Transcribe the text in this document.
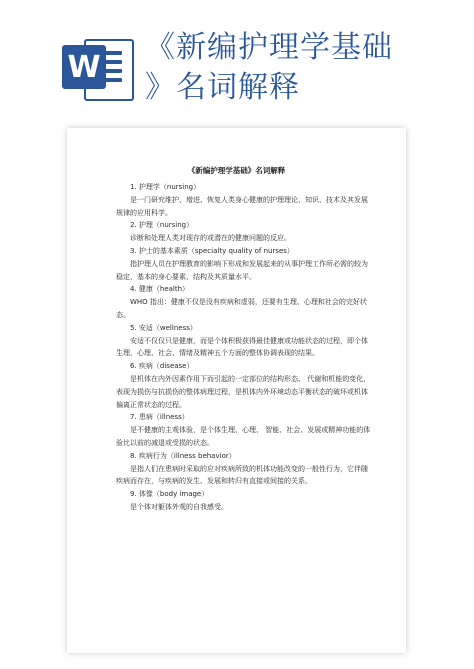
W
《新编护理学基础
》名词解释
《新编护理学基础》名词解释

1. 护理学（nursing）

是一门研究维护、增进、恢复人类身心健康的护理理论、知识、技术及其发展规律的应用科学。

2. 护理（nursing）

诊断和处理人类对现存的或潜在的健康问题的反应。

3. 护士的基本素质（specialty quality of nurses）

指护理人员在护理教育的影响下形成和发展起来的从事护理工作所必需的较为稳定、基本的身心要素、结构及其质量水平。

4. 健康（health）

WHO 指出：健康不仅是没有疾病和虚弱，还要有生理、心理和社会的完好状态。

5. 安适（wellness）

安适不仅仅只是健康，而是个体积极获得最佳健康或功能状态的过程，即个体生理、心理、社会、情绪及精神五个方面的整体协调表现的结果。

6. 疾病（disease）

是机体在内外因素作用下而引起的一定部位的结构形态、 代谢和机能的变化，表现为损伤与抗损伤的整体病理过程，是机体内外环境动态平衡状态的破坏或机体偏离正常状态的过程。

7. 患病（illness）

是不健康的主观体验，是个体生理、心理、 智能、社会、发展或精神功能的体验比以前的减退或受损的状态。

8. 疾病行为（illness behavior）

是指人们在患病时采取的应对疾病所致的机体功能改变的一般性行为，它伴随疾病而存在，与疾病的发生、发展和转归有直接或间接的关系。

9. 体像（body image）

是个体对躯体外观的自我感受。
